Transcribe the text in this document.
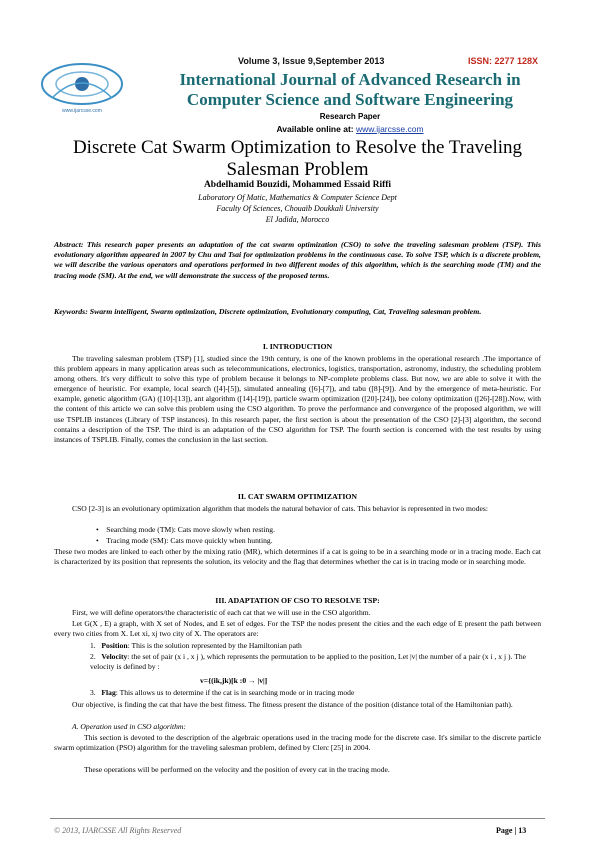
www.ijarcsse.com
Volume 3, Issue 9,September 2013	ISSN: 2277 128X
International Journal of Advanced Research in
Computer Science and Software Engineering
Research Paper
Available online at: www.ijarcsse.com
Discrete Cat Swarm Optimization to Resolve the Traveling
Salesman Problem
Abdelhamid Bouzidi, Mohammed Essaid Riffi
Laboratory Of Matic, Mathematics & Computer Science Dept
Faculty Of Sciences, Chouaïb Doukkali University
El Jadida, Morocco
Abstract: This research paper presents an adaptation of the cat swarm optimization (CSO) to solve the traveling salesman problem (TSP). This evolutionary algorithm appeared in 2007 by Chu and Tsai for optimization problems in the continuous case. To solve TSP, which is a discrete problem, we will describe the various operators and operations performed in two different modes of this algorithm, which is the searching mode (TM) and the tracing mode (SM). At the end, we will demonstrate the success of the proposed terms.
Keywords: Swarm intelligent, Swarm optimization, Discrete optimization, Evolutionary computing, Cat, Traveling salesman problem.
I. INTRODUCTION
The traveling salesman problem (TSP) [1], studied since the 19th century, is one of the known problems in the operational research .The importance of this problem appears in many application areas such as telecommunications, electronics, logistics, transportation, astronomy, industry, the scheduling problem among others. It's very difficult to solve this type of problem because it belongs to NP-complete problems class. But now, we are able to solve it with the emergence of heuristic. For example, local search ([4]-[5]), simulated annealing ([6]-[7]), and tabu ([8]-[9]). And by the emergence of meta-heuristic. For example, genetic algorithm (GA) ([10]-[13]), ant algorithm ([14]-[19]), particle swarm optimization ([20]-[24]), bee colony optimization ([26]-[28]).Now, with the content of this article we can solve this problem using the CSO algorithm. To prove the performance and convergence of the proposed algorithm, we will use TSPLIB instances (Library of TSP instances). In this research paper, the first section is about the presentation of the CSO [2]-[3] algorithm, the second contains a description of the TSP. The third is an adaptation of the CSO algorithm for TSP. The fourth section is concerned with the test results by using instances of TSPLIB. Finally, comes the conclusion in the last section.
II. CAT SWARM OPTIMIZATION
CSO [2-3] is an evolutionary optimization algorithm that models the natural behavior of cats. This behavior is represented in two modes:
•    Searching mode (TM): Cats move slowly when resting.
•    Tracing mode (SM): Cats move quickly when hunting.
These two modes are linked to each other by the mixing ratio (MR), which determines if a cat is going to be in a searching mode or in a tracing mode. Each cat is characterized by its position that represents the solution, its velocity and the flag that determines whether the cat is in tracing mode or in searching mode.
III. ADAPTATION OF CSO TO RESOLVE TSP:
First, we will define operators/the characteristic of each cat that we will use in the CSO algorithm.
Let G(X , E) a graph, with X set of Nodes, and E set of edges. For the TSP the nodes present the cities and the each edge of E present the path between every two cities from X. Let xi, xj two city of X. The operators are:
1. Position: This is the solution represented by the Hamiltonian path
2. Velocity: the set of pair (x i , x j ), which represents the permutation to be applied to the position, Let |v| the number of a pair (x i , x j ). The velocity is defined by :
v={(ik,jk)[k :0 → |v|]
3. Flag: This allows us to determine if the cat is in searching mode or in tracing mode
Our objective, is finding the cat that have the best fitness. The fitness present the distance of the position (distance total of the Hamiltonian path).
A. Operation used in CSO algorithm:
This section is devoted to the description of the algebraic operations used in the tracing mode for the discrete case. It's similar to the discrete particle swarm optimization (PSO) algorithm for the traveling salesman problem, defined by Clerc [25] in 2004.
These operations will be performed on the velocity and the position of every cat in the tracing mode.
© 2013, IJARCSSE All Rights Reserved	Page | 13
